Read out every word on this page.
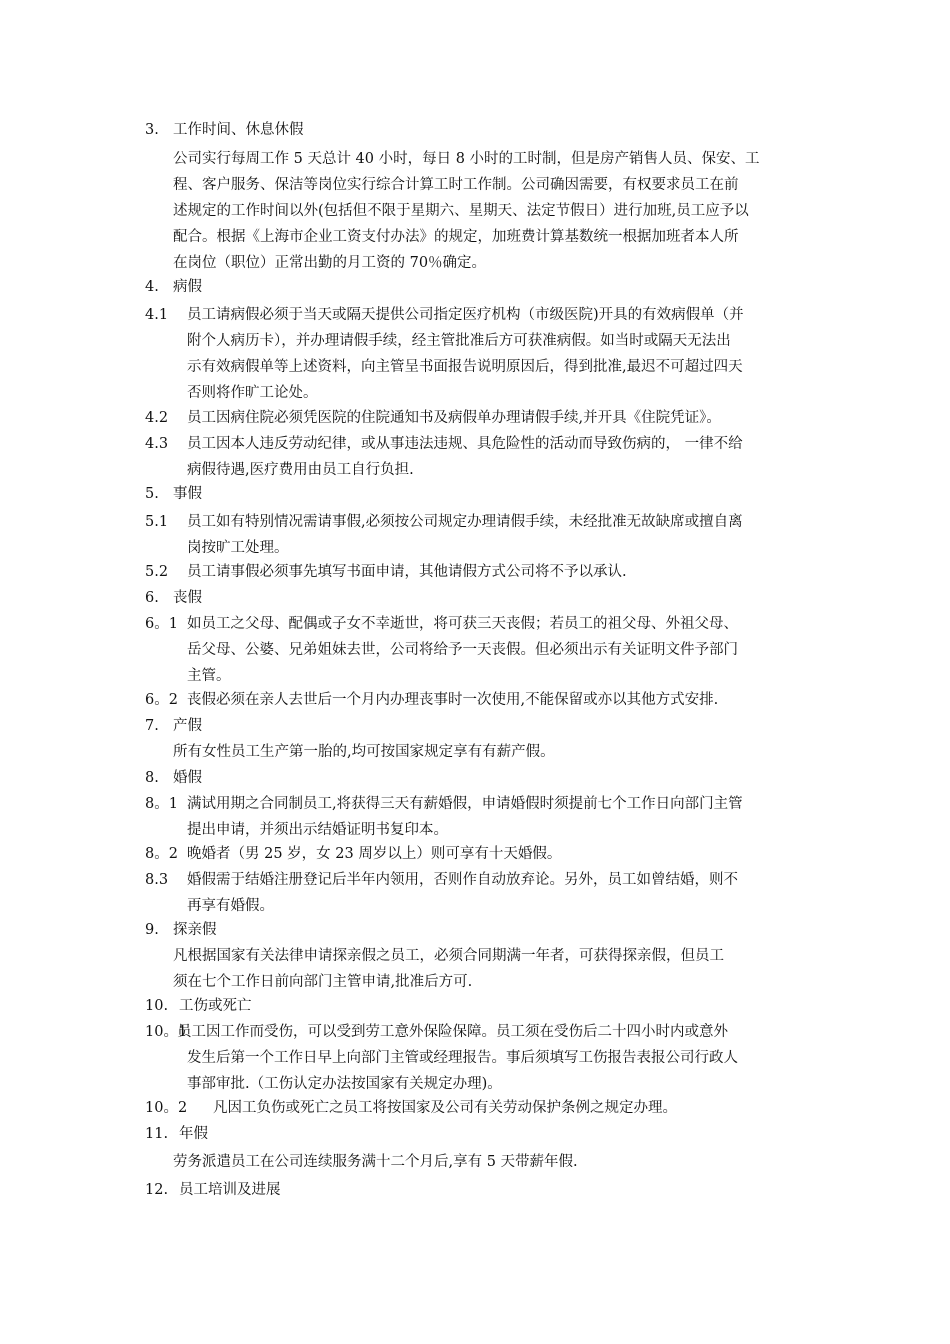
3. 工作时间、休息休假
公司实行每周工作 5 天总计 40 小时，每日 8 小时的工时制，但是房产销售人员、保安、工
程、客户服务、保洁等岗位实行综合计算工时工作制。公司确因需要，有权要求员工在前
述规定的工作时间以外(包括但不限于星期六、星期天、法定节假日）进行加班,员工应予以
配合。根据《上海市企业工资支付办法》的规定，加班费计算基数统一根据加班者本人所
在岗位（职位）正常出勤的月工资的 70％确定。
4. 病假
4.1 员工请病假必须于当天或隔天提供公司指定医疗机构（市级医院)开具的有效病假单（并
附个人病历卡），并办理请假手续，经主管批准后方可获准病假。如当时或隔天无法出
示有效病假单等上述资料，向主管呈书面报告说明原因后，得到批准,最迟不可超过四天
否则将作旷工论处。
4.2 员工因病住院必须凭医院的住院通知书及病假单办理请假手续,并开具《住院凭证》。
4.3 员工因本人违反劳动纪律，或从事违法违规、具危险性的活动而导致伤病的， 一律不给
病假待遇,医疗费用由员工自行负担.
5. 事假
5.1 员工如有特别情况需请事假,必须按公司规定办理请假手续，未经批准无故缺席或擅自离
岗按旷工处理。
5.2 员工请事假必须事先填写书面申请，其他请假方式公司将不予以承认.
6. 丧假
6。1 如员工之父母、配偶或子女不幸逝世，将可获三天丧假；若员工的祖父母、外祖父母、
岳父母、公婆、兄弟姐妹去世，公司将给予一天丧假。但必须出示有关证明文件予部门
主管。
6。2 丧假必须在亲人去世后一个月内办理丧事时一次使用,不能保留或亦以其他方式安排.
7. 产假
所有女性员工生产第一胎的,均可按国家规定享有有薪产假。
8. 婚假
8。1 满试用期之合同制员工,将获得三天有薪婚假，申请婚假时须提前七个工作日向部门主管
提出申请，并须出示结婚证明书复印本。
8。2 晚婚者（男 25 岁，女 23 周岁以上）则可享有十天婚假。
8.3 婚假需于结婚注册登记后半年内领用，否则作自动放弃论。另外，员工如曾结婚，则不
再享有婚假。
9. 探亲假
凡根据国家有关法律申请探亲假之员工，必须合同期满一年者，可获得探亲假，但员工
须在七个工作日前向部门主管申请,批准后方可.
10. 工伤或死亡
10。1
员工因工作而受伤，可以受到劳工意外保险保障。员工须在受伤后二十四小时内或意外
发生后第一个工作日早上向部门主管或经理报告。事后须填写工伤报告表报公司行政人
事部审批.（工伤认定办法按国家有关规定办理)。
10。2 凡因工负伤或死亡之员工将按国家及公司有关劳动保护条例之规定办理。
11. 年假
劳务派遣员工在公司连续服务满十二个月后,享有 5 天带薪年假.
12. 员工培训及进展
